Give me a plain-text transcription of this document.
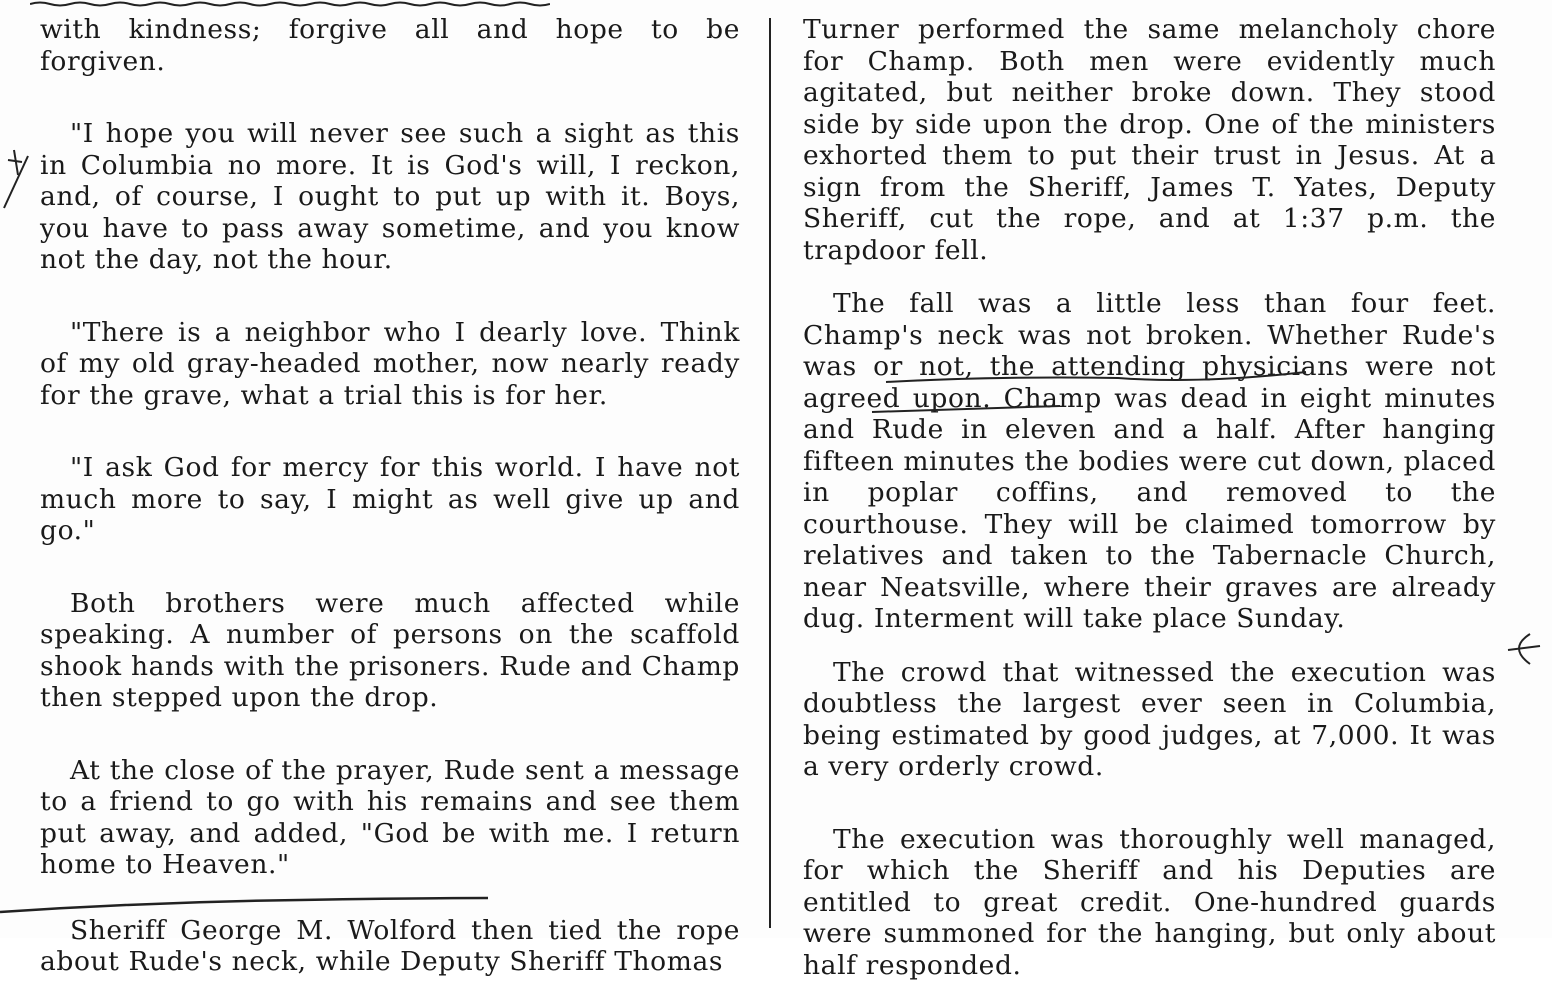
with kindness; forgive all and hope to be forgiven.

"I hope you will never see such a sight as this in Columbia no more. It is God's will, I reckon, and, of course, I ought to put up with it. Boys, you have to pass away sometime, and you know not the day, not the hour.

"There is a neighbor who I dearly love. Think of my old gray-headed mother, now nearly ready for the grave, what a trial this is for her.

"I ask God for mercy for this world. I have not much more to say, I might as well give up and go."

Both brothers were much affected while speaking. A number of persons on the scaffold shook hands with the prisoners. Rude and Champ then stepped upon the drop.

At the close of the prayer, Rude sent a message to a friend to go with his remains and see them put away, and added, "God be with me. I return home to Heaven."

Sheriff George M. Wolford then tied the rope about Rude's neck, while Deputy Sheriff Thomas

Turner performed the same melancholy chore for Champ. Both men were evidently much agitated, but neither broke down. They stood side by side upon the drop. One of the ministers exhorted them to put their trust in Jesus. At a sign from the Sheriff, James T. Yates, Deputy Sheriff, cut the rope, and at 1:37 p.m. the trapdoor fell.

The fall was a little less than four feet. Champ's neck was not broken. Whether Rude's was or not, the attending physicians were not agreed upon. Champ was dead in eight minutes and Rude in eleven and a half. After hanging fifteen minutes the bodies were cut down, placed in poplar coffins, and removed to the courthouse. They will be claimed tomorrow by relatives and taken to the Tabernacle Church, near Neatsville, where their graves are already dug. Interment will take place Sunday.

The crowd that witnessed the execution was doubtless the largest ever seen in Columbia, being estimated by good judges, at 7,000. It was a very orderly crowd.

The execution was thoroughly well managed, for which the Sheriff and his Deputies are entitled to great credit. One-hundred guards were summoned for the hanging, but only about half responded.
